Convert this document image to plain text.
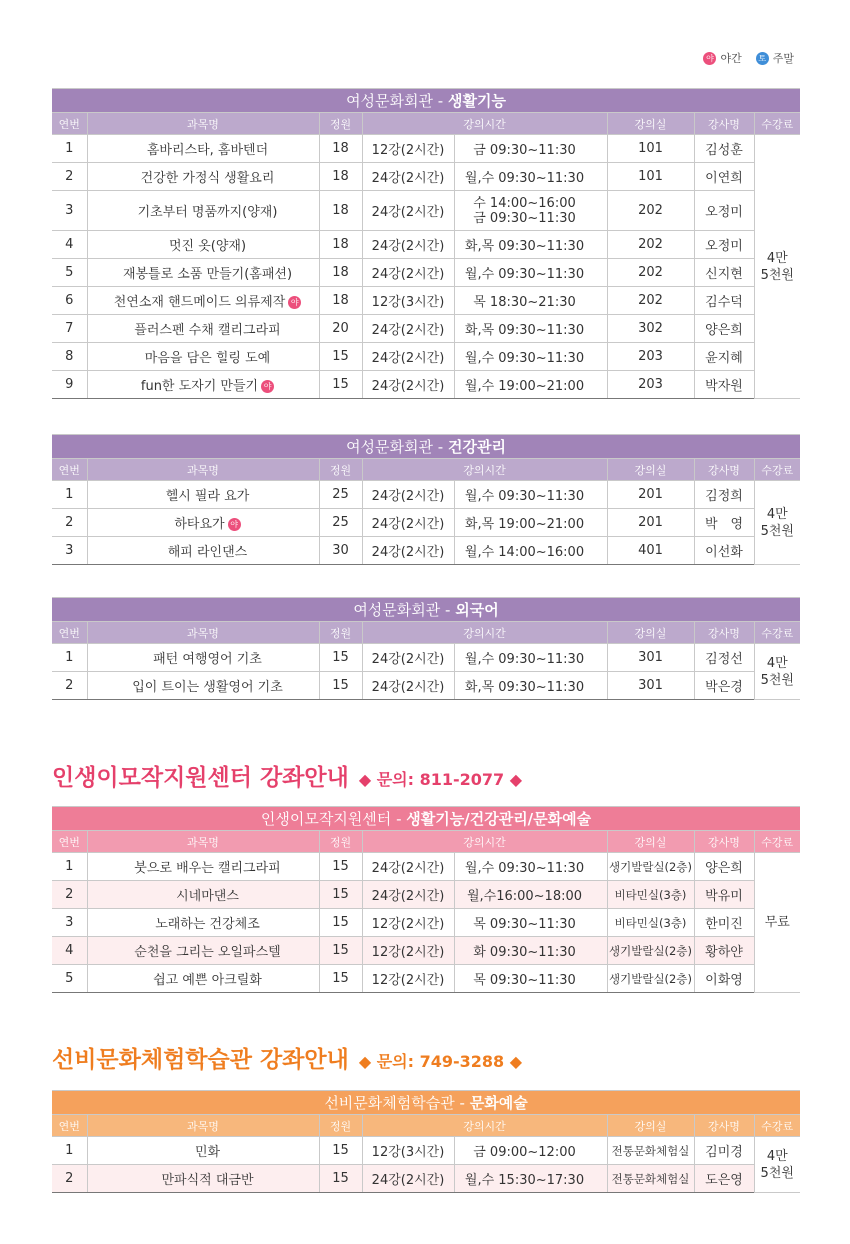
야 야간	토 주말
여성문화회관 - 생활기능							
연번	과목명	정원	강의시간		강의실	강사명	수강료
1	홈바리스타, 홈바텐더	18	12강(2시간)	금 09:30~11:30	101	김성훈	4만
5천원

2	건강한 가정식 생활요리	18	24강(2시간)	월,수 09:30~11:30	101	이연희	
3	기초부터 명품까지(양재)	18	24강(2시간)	수 14:00~16:00
금 09:30~11:30	202	오정미	
4	멋진 옷(양재)	18	24강(2시간)	화,목 09:30~11:30	202	오정미	
5	재봉틀로 소품 만들기(홈패션)	18	24강(2시간)	월,수 09:30~11:30	202	신지현	
6	천연소재 핸드메이드 의류제작 야	18	12강(3시간)	목 18:30~21:30	202	김수덕	
7	플러스펜 수채 캘리그라피	20	24강(2시간)	화,목 09:30~11:30	302	양은희	
8	마음을 담은 힐링 도예	15	24강(2시간)	월,수 09:30~11:30	203	윤지혜	
9	fun한 도자기 만들기 야	15	24강(2시간)	월,수 19:00~21:00	203	박자원	
여성문화회관 - 건강관리							
연번	과목명	정원	강의시간		강의실	강사명	수강료
1	헬시 필라 요가	25	24강(2시간)	월,수 09:30~11:30	201	김정희	4만
5천원

2	하타요가 야	25	24강(2시간)	화,목 19:00~21:00	201	박　영	
3	해피 라인댄스	30	24강(2시간)	월,수 14:00~16:00	401	이선화	
여성문화회관 - 외국어							
연번	과목명	정원	강의시간		강의실	강사명	수강료
1	패턴 여행영어 기초	15	24강(2시간)	월,수 09:30~11:30	301	김정선	4만
5천원

2	입이 트이는 생활영어 기초	15	24강(2시간)	화,목 09:30~11:30	301	박은경	
인생이모작지원센터 강좌안내 ◆ 문의: 811-2077 ◆
인생이모작지원센터 - 생활기능/건강관리/문화예술							
연번	과목명	정원	강의시간		강의실	강사명	수강료
1	붓으로 배우는 캘리그라피	15	24강(2시간)	월,수 09:30~11:30	생기발랄실(2층)	양은희	무료

2	시네마댄스	15	24강(2시간)	월,수16:00~18:00	비타민실(3층)	박유미	
3	노래하는 건강체조	15	12강(2시간)	목 09:30~11:30	비타민실(3층)	한미진	
4	순천을 그리는 오일파스텔	15	12강(2시간)	화 09:30~11:30	생기발랄실(2층)	황하얀	
5	쉽고 예쁜 아크릴화	15	12강(2시간)	목 09:30~11:30	생기발랄실(2층)	이화영	
선비문화체험학습관 강좌안내 ◆ 문의: 749-3288 ◆
선비문화체험학습관 - 문화예술							
연번	과목명	정원	강의시간		강의실	강사명	수강료
1	민화	15	12강(3시간)	금 09:00~12:00	전통문화체험실	김미경	4만
5천원

2	만파식적 대금반	15	24강(2시간)	월,수 15:30~17:30	전통문화체험실	도은영	
